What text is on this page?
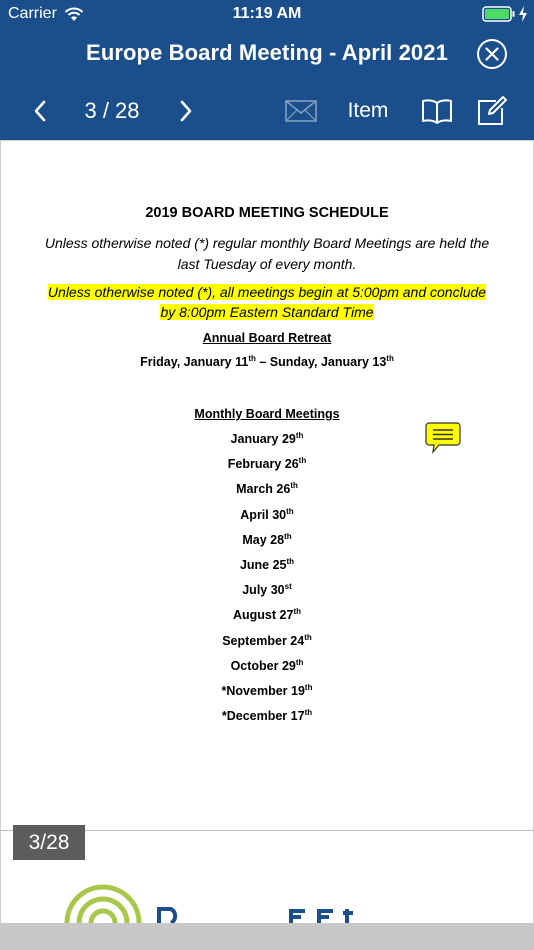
Carrier	11:19 AM
Europe Board Meeting - April 2021
3 / 28	Item
2019 BOARD MEETING SCHEDULE
Unless otherwise noted (*) regular monthly Board Meetings are held the last Tuesday of every month.
Unless otherwise noted (*), all meetings begin at 5:00pm and conclude by 8:00pm Eastern Standard Time
Annual Board Retreat
Friday, January 11th – Sunday, January 13th
Monthly Board Meetings
January 29th
February 26th
March 26th
April 30th
May 28th
June 25th
July 30st
August 27th
September 24th
October 29th
*November 19th
*December 17th
3/28
